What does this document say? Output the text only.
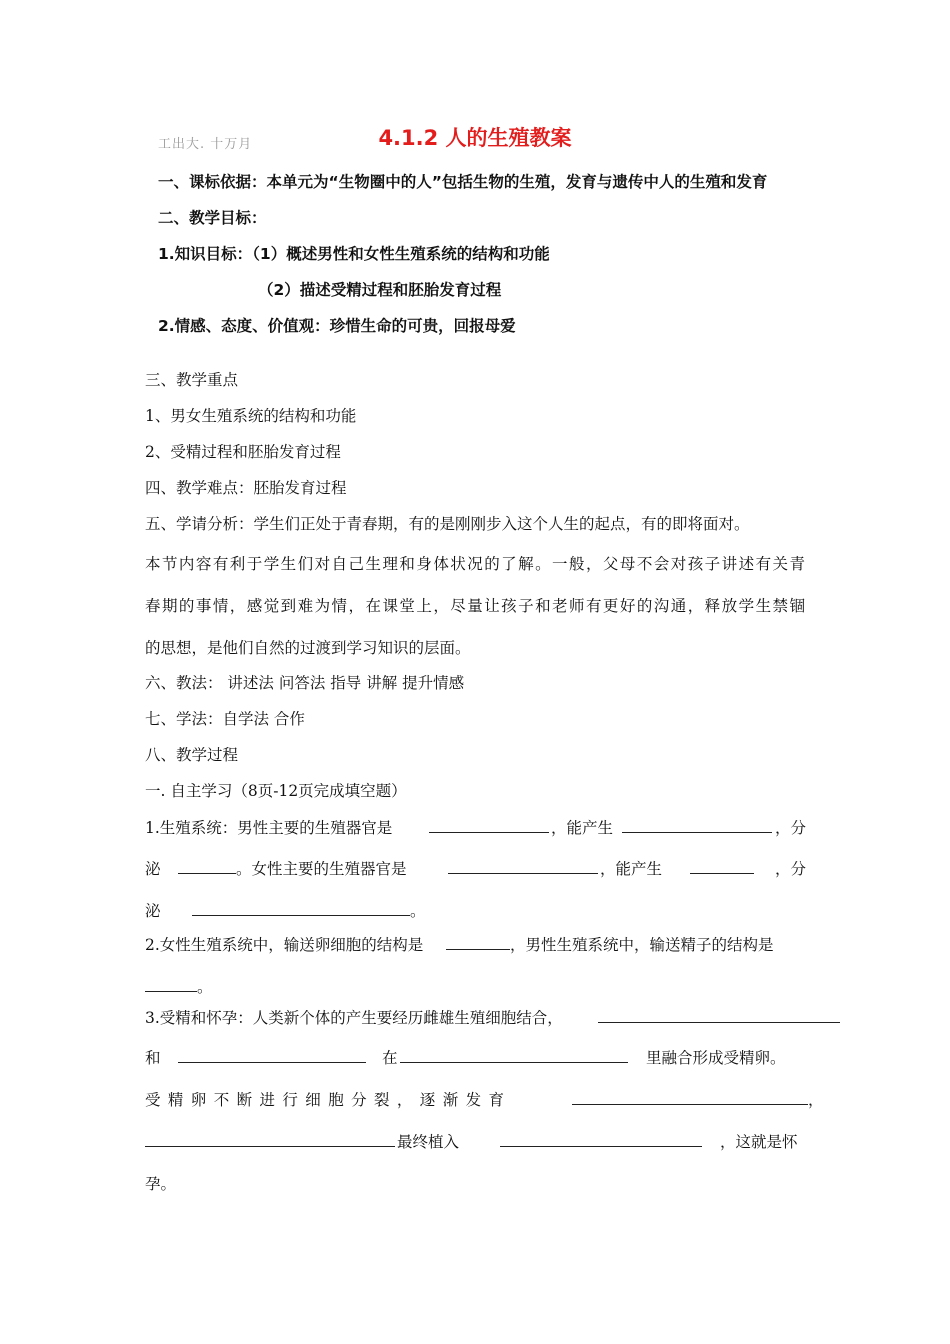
工出大. 十万月	4.1.2 人的生殖教案
一、课标依据：本单元为“生物圈中的人”包括生物的生殖，发育与遗传中人的生殖和发育
二、教学目标：
1.知识目标：（1）概述男性和女性生殖系统的结构和功能
（2）描述受精过程和胚胎发育过程
2.情感、态度、价值观：珍惜生命的可贵，回报母爱
三、教学重点
1、男女生殖系统的结构和功能
2、受精过程和胚胎发育过程
四、教学难点：胚胎发育过程
五、学请分析：学生们正处于青春期，有的是刚刚步入这个人生的起点，有的即将面对。
本节内容有利于学生们对自己生理和身体状况的了解。一般，父母不会对孩子讲述有关青
春期的事情，感觉到难为情，在课堂上，尽量让孩子和老师有更好的沟通，释放学生禁锢
的思想，是他们自然的过渡到学习知识的层面。
六、教法： 讲述法 问答法 指导 讲解 提升情感
七、学法：自学法 合作
八、教学过程
一. 自主学习（8页-12页完成填空题）
1.生殖系统：男性主要的生殖器官是	，能产生	，分
泌	。女性主要的生殖器官是	，能产生	，分
泌	。
2.女性生殖系统中，输送卵细胞的结构是	，男性生殖系统中，输送精子的结构是
。
3.受精和怀孕：人类新个体的产生要经历雌雄生殖细胞结合，
和	在	里融合形成受精卵。
受精卵不断进行细胞分裂，逐渐发育	，
最终植入	，这就是怀
孕。
